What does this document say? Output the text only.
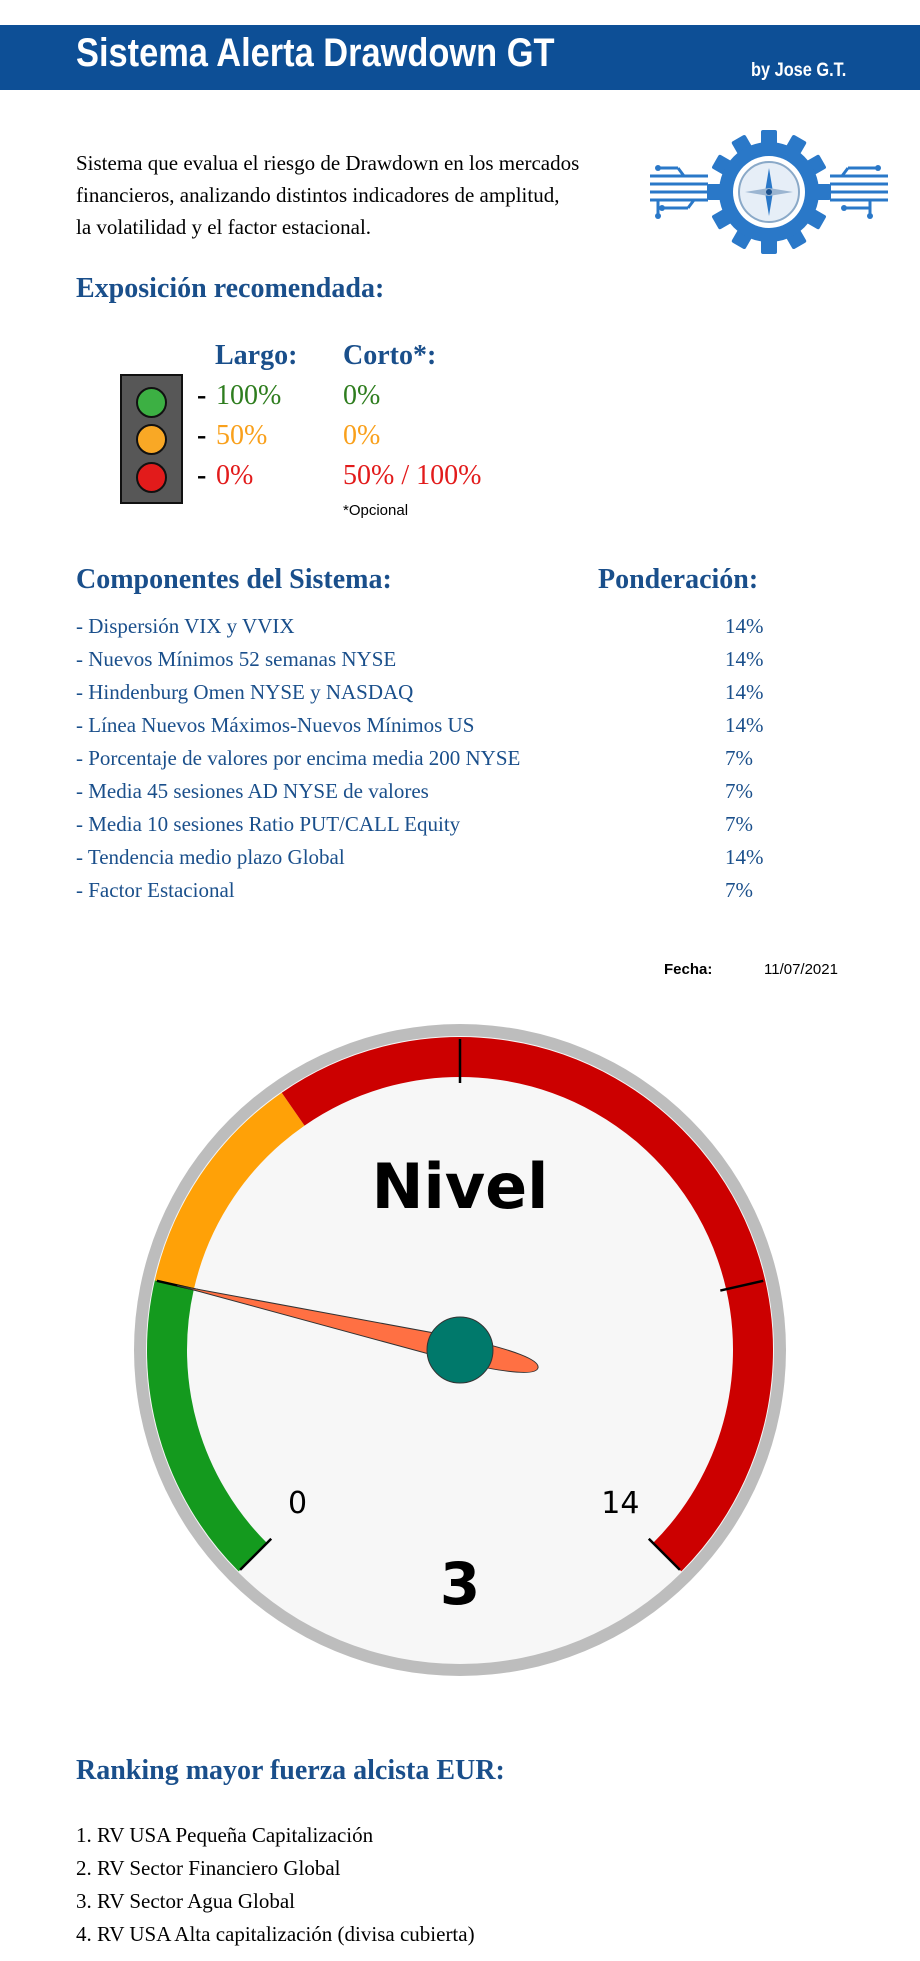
Sistema Alerta Drawdown GT	by Jose G.T.
Sistema que evalua el riesgo de Drawdown en los mercados
financieros, analizando distintos indicadores de amplitud,
la volatilidad y el factor estacional.
Exposición recomendada:
Largo: Corto*:
- 100% 0%
- 50%	0%
- 0%	50% / 100%
*Opcional
Componentes del Sistema:	Ponderación:
- Dispersión VIX y VVIX	14%
- Nuevos Mínimos 52 semanas NYSE	14%
- Hindenburg Omen NYSE y NASDAQ	14%
- Línea Nuevos Máximos-Nuevos Mínimos US	14%
- Porcentaje de valores por encima media 200 NYSE	7%
- Media 45 sesiones AD NYSE de valores	7%
- Media 10 sesiones Ratio PUT/CALL Equity	7%
- Tendencia medio plazo Global	14%
- Factor Estacional	7%
Fecha:	11/07/2021
Nivel
0	14
3
Ranking mayor fuerza alcista EUR:
1. RV USA Pequeña Capitalización
2. RV Sector Financiero Global
3. RV Sector Agua Global
4. RV USA Alta capitalización (divisa cubierta)
